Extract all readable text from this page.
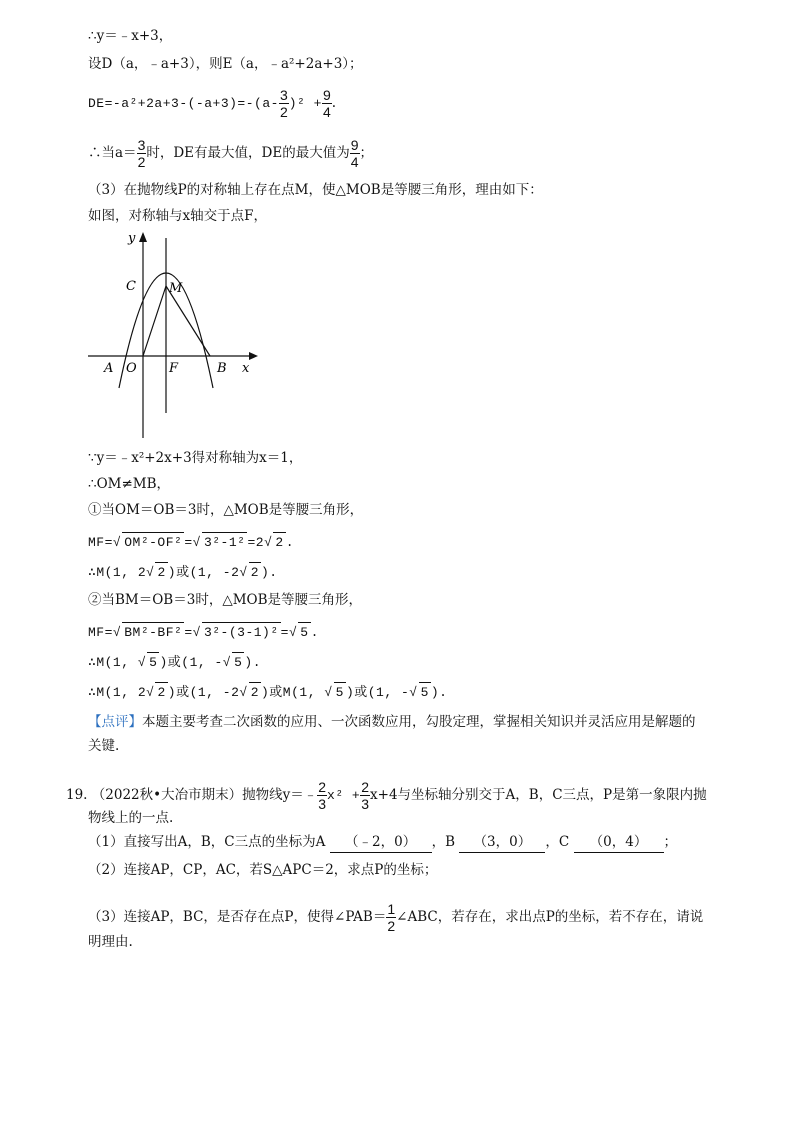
∴y＝﹣x+3，
设D（a，﹣a+3），则E（a，﹣a²+2a+3）；
$DE=-a^2+2a+3-(-a+3)=-(a- \frac{3}{2} )^2 + \frac{9}{4}$ .
∴当$a= \frac{3}{2}$ 时，DE有最大值，DE的最大值为 $\frac{9}{4}$ ；
（3）在抛物线P的对称轴上存在点M，使△MOB是等腰三角形，理由如下：
如图，对称轴与x轴交于点F，
y
x
C	M
A O F	B
∵y＝﹣x²+2x+3得对称轴为x＝1，
∴OM≠MB，
①当OM＝OB＝3时，△MOB是等腰三角形，
MF=√ OM²-OF² =√ 3²-1² =2√ 2 .
∴M(1, 2√ 2 )或(1, -2√ 2 ).
②当BM＝OB＝3时，△MOB是等腰三角形，
MF=√ BM²-BF² =√ 3²-(3-1)² =√ 5 .
∴M(1, √ 5 )或(1, -√ 5 ).
∴M(1, 2√ 2 )或(1, -2√ 2 )或M(1, √ 5 )或(1, -√ 5 ).
【点评】本题主要考查二次函数的应用、一次函数应用，勾股定理，掌握相关知识并灵活应用是解题的
关键.
19. （2022秋•大冶市期末）抛物线y＝﹣ $\frac{2}{3} x^2 + \frac{2}{3} x+4$与坐标轴分别交于A，B，C三点，P是第一象限内抛
物线上的一点.
（1）直接写出A，B，C三点的坐标为A （﹣2，0） ，B （3，0） ，C （0，4） ；
（2）连接AP，CP，AC，若S△APC＝2，求点P的坐标；
（3）连接AP，BC，是否存在点P，使得∠PAB＝ $\frac{1}{2}$ ∠ABC，若存在，求出点P的坐标，若不存在，请说
明理由.
